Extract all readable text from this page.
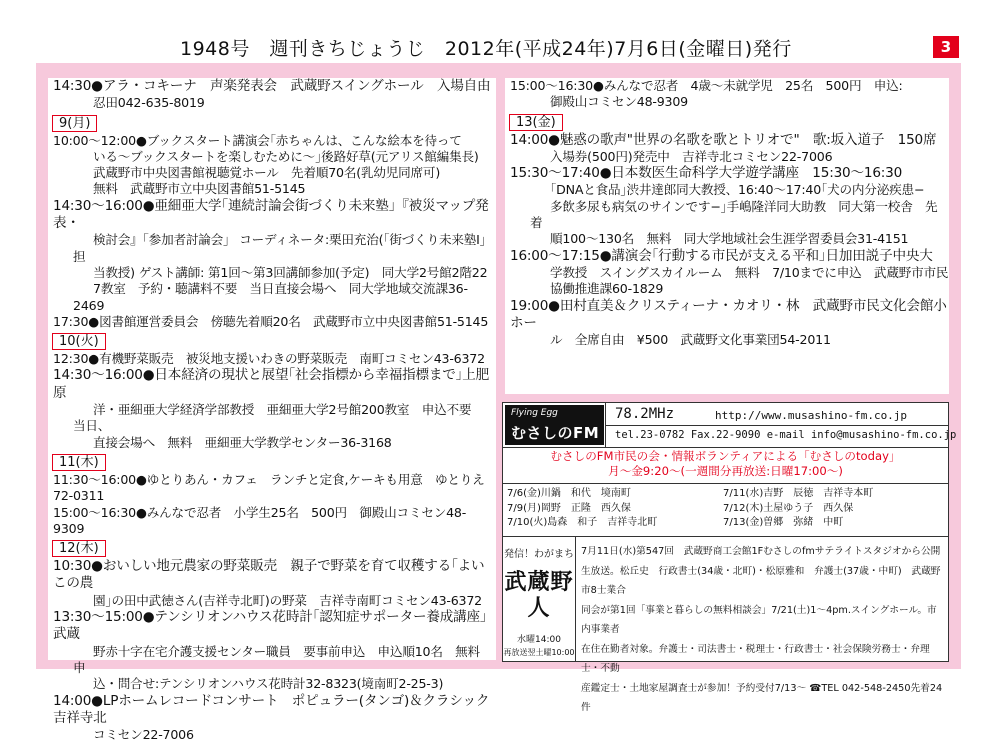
1948号　週刊きちじょうじ　2012年(平成24年)7月6日(金曜日)発行	3
14:30●アラ・コキーナ　声楽発表会　武蔵野スイングホール　入場自由
忍田042-635-8019
9(月)
10:00〜12:00●ブックスタート講演会｢赤ちゃんは、こんな絵本を待って
いる〜ブックスタートを楽しむために〜｣後路好草(元アリス館編集長)
武蔵野市中央図書館視聴覚ホール　先着順70名(乳幼児同席可)
無料　武蔵野市立中央図書館51-5145
14:30〜16:00●亜細亜大学｢連続討論会街づくり未来塾｣『被災マップ発表・
検討会』「参加者討論会」 コーディネータ:栗田充治(｢街づくり未来塾Ⅰ｣担
当教授) ゲスト講師: 第1回〜第3回講師参加(予定)　同大学2号館2階22
7教室　予約・聴講料不要　当日直接会場へ　同大学地域交流課36-2469
17:30●図書館運営委員会　傍聴先着順20名　武蔵野市立中央図書館51-5145
10(火)
12:30●有機野菜販売　被災地支援いわきの野菜販売　南町コミセン43-6372
14:30〜16:00●日本経済の現状と展望｢社会指標から幸福指標まで｣上肥原
洋・亜細亜大学経済学部教授　亜細亜大学2号館200教室　申込不要　当日、
直接会場へ　無料　亜細亜大学教学センター36-3168
11(木)
11:30〜16:00●ゆとりあん・カフェ　ランチと定食,ケーキも用意　ゆとりえ72-0311
15:00〜16:30●みんなで忍者　小学生25名　500円　御殿山コミセン48-9309
12(木)
10:30●おいしい地元農家の野菜販売　親子で野菜を育て収穫する｢よいこの農
園｣の田中武徳さん(吉祥寺北町)の野菜　吉祥寺南町コミセン43-6372
13:30〜15:00●テンシリオンハウス花時計｢認知症サポーター養成講座｣武蔵
野赤十字在宅介護支援センター職員　要事前申込　申込順10名　無料　申
込・問合せ:テンシリオンハウス花時計32-8323(境南町2-25-3)
14:00●LPホームレコードコンサート　ポピュラー(タンゴ)＆クラシック　吉祥寺北
コミセン22-7006
15:00〜16:30●みんなで忍者　4歳〜未就学児　25名　500円　申込:
御殿山コミセン48-9309
13(金)
14:00●魅惑の歌声"世界の名歌を歌とトリオで"　歌:坂入道子　150席
入場券(500円)発売中　吉祥寺北コミセン22-7006
15:30〜17:40●日本数医生命科学大学遊学講座　15:30〜16:30
｢DNAと食品｣渋井達郎同大教授、16:40〜17:40｢犬の内分泌疾患−
多飲多尿も病気のサインです−｣手嶋隆洋同大助教　同大第一校舎　先着
順100〜130名　無料　同大学地域社会生涯学習委員会31-4151
16:00〜17:15●講演会｢行動する市民が支える平和｣日加田説子中央大
学教授　スイングスカイルーム　無料　7/10までに申込　武蔵野市市民
協働推進課60-1829
19:00●田村直美＆クリスティーナ・カオリ・林　武蔵野市民文化会館小ホー
ル　全席自由　¥500　武蔵野文化事業団54-2011
Flying Egg
むさしのFM
78.2MHz	http://www.musashino-fm.co.jp
tel.23-0782 Fax.22-9090 e-mail info@musashino-fm.co.jp
むさしのFM市民の会・情報ボランティアによる「むさしのtoday」
月〜金9:20〜(一週間分再放送:日曜17:00〜)
7/6(金)川鍋　和代　境南町
7/9(月)岡野　正隆　西久保
7/10(火)島森　和子　吉祥寺北町
7/11(水)吉野　辰徳　吉祥寺本町
7/12(木)土屋ゆう子　西久保
7/13(金)曽郷　弥緒　中町
発信！わがまち
武蔵野人
水曜14:00
再放送翌土曜10:00
7月11日(水)第547回　武蔵野商工会館1Fむさしのfmサテライトスタジオから公開
生放送。松丘史　行政書士(34歳・北町)・松原雅和　弁護士(37歳・中町)　武蔵野市8士業合
同会が第1回「事業と暮らしの無料相談会」7/21(土)1〜4pm.スイングホール。市内事業者
在住在勤者対象。弁護士・司法書士・税理士・行政書士・社会保険労務士・弁理士・不動
産鑑定士・土地家屋調査士が参加！予約受付7/13〜 ☎TEL 042-548-2450先着24件
